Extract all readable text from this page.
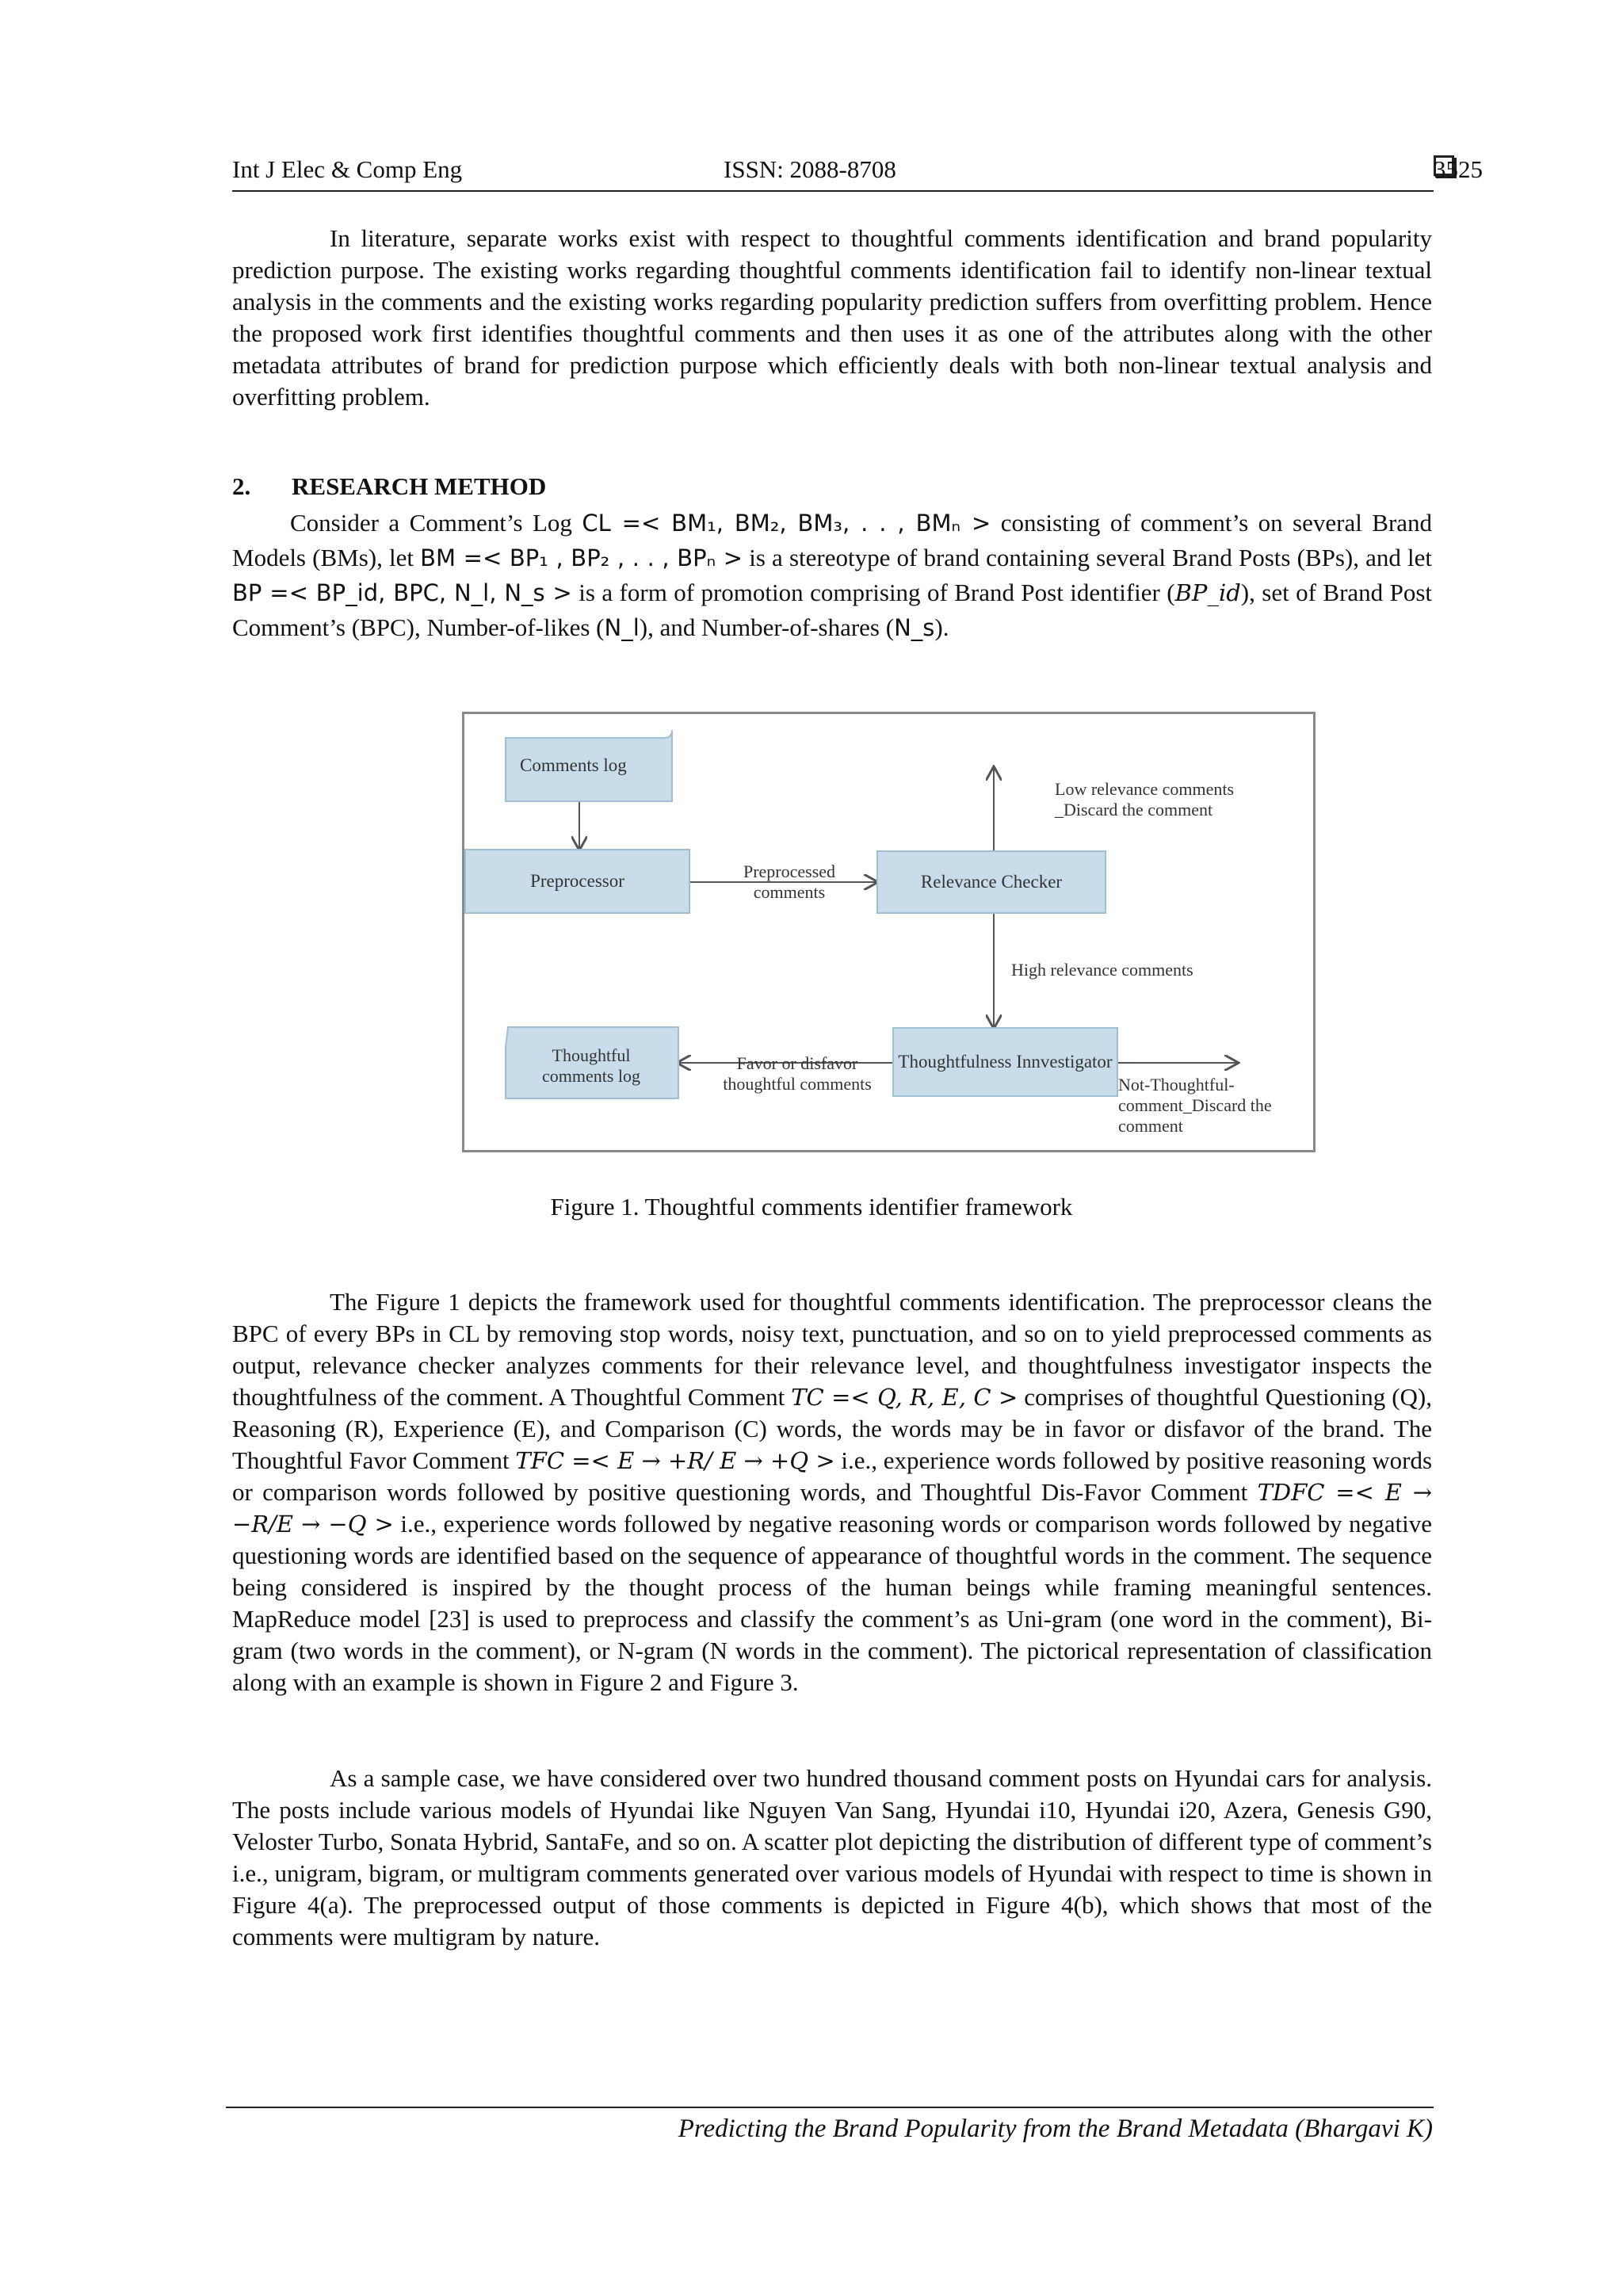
Int J Elec & Comp Eng	ISSN: 2088-8708	3525

In literature, separate works exist with respect to thoughtful comments identification and brand popularity prediction purpose. The existing works regarding thoughtful comments identification fail to identify non-linear textual analysis in the comments and the existing works regarding popularity prediction suffers from overfitting problem. Hence the proposed work first identifies thoughtful comments and then uses it as one of the attributes along with the other metadata attributes of brand for prediction purpose which efficiently deals with both non-linear textual analysis and overfitting problem.

2. RESEARCH METHOD

Consider a Comment’s Log CL =< BM₁, BM₂, BM₃, . . , BMₙ > consisting of comment’s on several Brand Models (BMs), let BM =< BP₁ , BP₂ , . . , BPₙ > is a stereotype of brand containing several Brand Posts (BPs), and let BP =< BP_id, BPC, N_l, N_s > is a form of promotion comprising of Brand Post identifier (BP_id), set of Brand Post Comment’s (BPC), Number-of-likes (N_l), and Number-of-shares (N_s).

Comments log
Preprocessor	Preprocessed comments
Relevance Checker
Low relevance comments _Discard the comment
High relevance comments
Thoughtfulness Innvestigator
Favor or disfavor thoughtful comments
Thoughtful comments log	Not-Thoughtful- comment_Discard the comment
Figure 1. Thoughtful comments identifier framework

The Figure 1 depicts the framework used for thoughtful comments identification. The preprocessor cleans the BPC of every BPs in CL by removing stop words, noisy text, punctuation, and so on to yield preprocessed comments as output, relevance checker analyzes comments for their relevance level, and thoughtfulness investigator inspects the thoughtfulness of the comment. A Thoughtful Comment TC =< Q, R, E, C > comprises of thoughtful Questioning (Q), Reasoning (R), Experience (E), and Comparison (C) words, the words may be in favor or disfavor of the brand. The Thoughtful Favor Comment TFC =< E → +R/ E → +Q > i.e., experience words followed by positive reasoning words or comparison words followed by positive questioning words, and Thoughtful Dis-Favor Comment TDFC =< E → −R/E → −Q > i.e., experience words followed by negative reasoning words or comparison words followed by negative questioning words are identified based on the sequence of appearance of thoughtful words in the comment. The sequence being considered is inspired by the thought process of the human beings while framing meaningful sentences. MapReduce model [23] is used to preprocess and classify the comment’s as Uni-gram (one word in the comment), Bi-gram (two words in the comment), or N-gram (N words in the comment). The pictorical representation of classification along with an example is shown in Figure 2 and Figure 3.

As a sample case, we have considered over two hundred thousand comment posts on Hyundai cars for analysis. The posts include various models of Hyundai like Nguyen Van Sang, Hyundai i10, Hyundai i20, Azera, Genesis G90, Veloster Turbo, Sonata Hybrid, SantaFe, and so on. A scatter plot depicting the distribution of different type of comment’s i.e., unigram, bigram, or multigram comments generated over various models of Hyundai with respect to time is shown in Figure 4(a). The preprocessed output of those comments is depicted in Figure 4(b), which shows that most of the comments were multigram by nature.

Predicting the Brand Popularity from the Brand Metadata (Bhargavi K)
